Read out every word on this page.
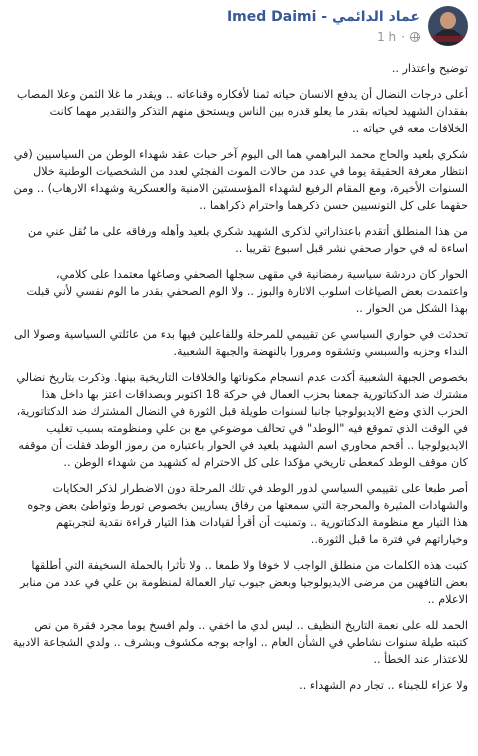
عماد الدائمي - Imed Daimi
1 h ·

توضيح واعتذار ..

أعلى درجات النضال أن يدفع الانسان حياته ثمنا لأفكاره وقناعاته .. ويقدر ما غلا الثمن وعلا المصاب بفقدان الشهيد لحياته بقدر ما يعلو قدره بين الناس ويستحق منهم التذكر والتقدير مهما كانت الخلافات معه في حياته ..

شكري بلعيد والحاج محمد البراهمي هما الى اليوم آخر حبات عقد شهداء الوطن من السياسيين (في انتظار معرفة الحقيقة يوما في عدد من حالات الموت الفجئي لعدد من الشخصيات الوطنية خلال السنوات الأخيرة، ومع المقام الرفيع لشهداء المؤسستين الامنية والعسكرية وشهداء الارهاب) .. ومن حقهما على كل التونسيين حسن ذكرهما واحترام ذكراهما ..

من هذا المنطلق أتقدم باعتذاراتي لذكرى الشهيد شكري بلعيد وأهله ورفاقه على ما نُقل عني من اساءة له في حوار صحفي نشر قبل اسبوع تقريبا ..

الحوار كان دردشة سياسية رمضانية في مقهى سجلها الصحفي وصاغها معتمدا على كلامي، واعتمدت بعض الصياغات اسلوب الاثارة والبوز .. ولا الوم الصحفي بقدر ما الوم نفسي لأني قبلت بهذا الشكل من الحوار ..

تحدثت في حواري السياسي عن تقييمي للمرحلة وللفاعلين فيها بدء من عائلتي السياسية وصولا الى النداء وحزبه والسبسي وتشقوه ومرورا بالنهضة والجبهة الشعبية.

بخصوص الجبهة الشعبية أكدت عدم انسجام مكوناتها والخلافات التاريخية بينها. وذكرت بتاريخ نضالي مشترك ضد الدكتاتورية جمعنا بحزب العمال في حركة 18 اكتوبر وبصداقات اعتز بها داخل هذا الحزب الذي وضع الايديولوجيا جانبا لسنوات طويلة قبل الثورة في النضال المشترك ضد الدكتاتورية، في الوقت الذي تموقع فيه "الوطد" في تحالف موضوعي مع بن علي ومنظومته بسبب تغليب الايديولوجيا .. أقحم محاوري اسم الشهيد بلعيد في الحوار باعتباره من رموز الوطد فقلت أن موقفه كان موقف الوطد كمعطى تاريخي مؤكدا على كل الاحترام له كشهيد من شهداء الوطن ..

أصر طبعا على تقييمي السياسي لدور الوطد في تلك المرحلة دون الاضطرار لذكر الحكايات والشهادات المثيرة والمحرجة التي سمعتها من رفاق يساريين بخصوص تورط وتواطئ بعض وجوه هذا التيار مع منظومة الدكتاتورية .. وتمنيت أن أقرأ لقيادات هذا التيار قراءة نقدية لتجربتهم وخياراتهم في فترة ما قبل الثورة..

كتبت هذه الكلمات من منطلق الواجب لا خوفا ولا طمعا .. ولا تأثرا بالحملة السخيفة التي أطلقها بعض التافهين من مرضى الايديولوجيا وبعض جيوب تيار العمالة لمنظومة بن علي في عدد من منابر الاعلام ..

الحمد لله على نعمة التاريخ النظيف .. ليس لدي ما اخفي .. ولم افسخ يوما مجرد فقرة من نص كتبته طيلة سنوات نشاطي في الشأن العام .. اواجه بوجه مكشوف وبشرف .. ولدي الشجاعة الادبية للاعتذار عند الخطأ ..

ولا عزاء للجبناء .. تجار دم الشهداء ..
